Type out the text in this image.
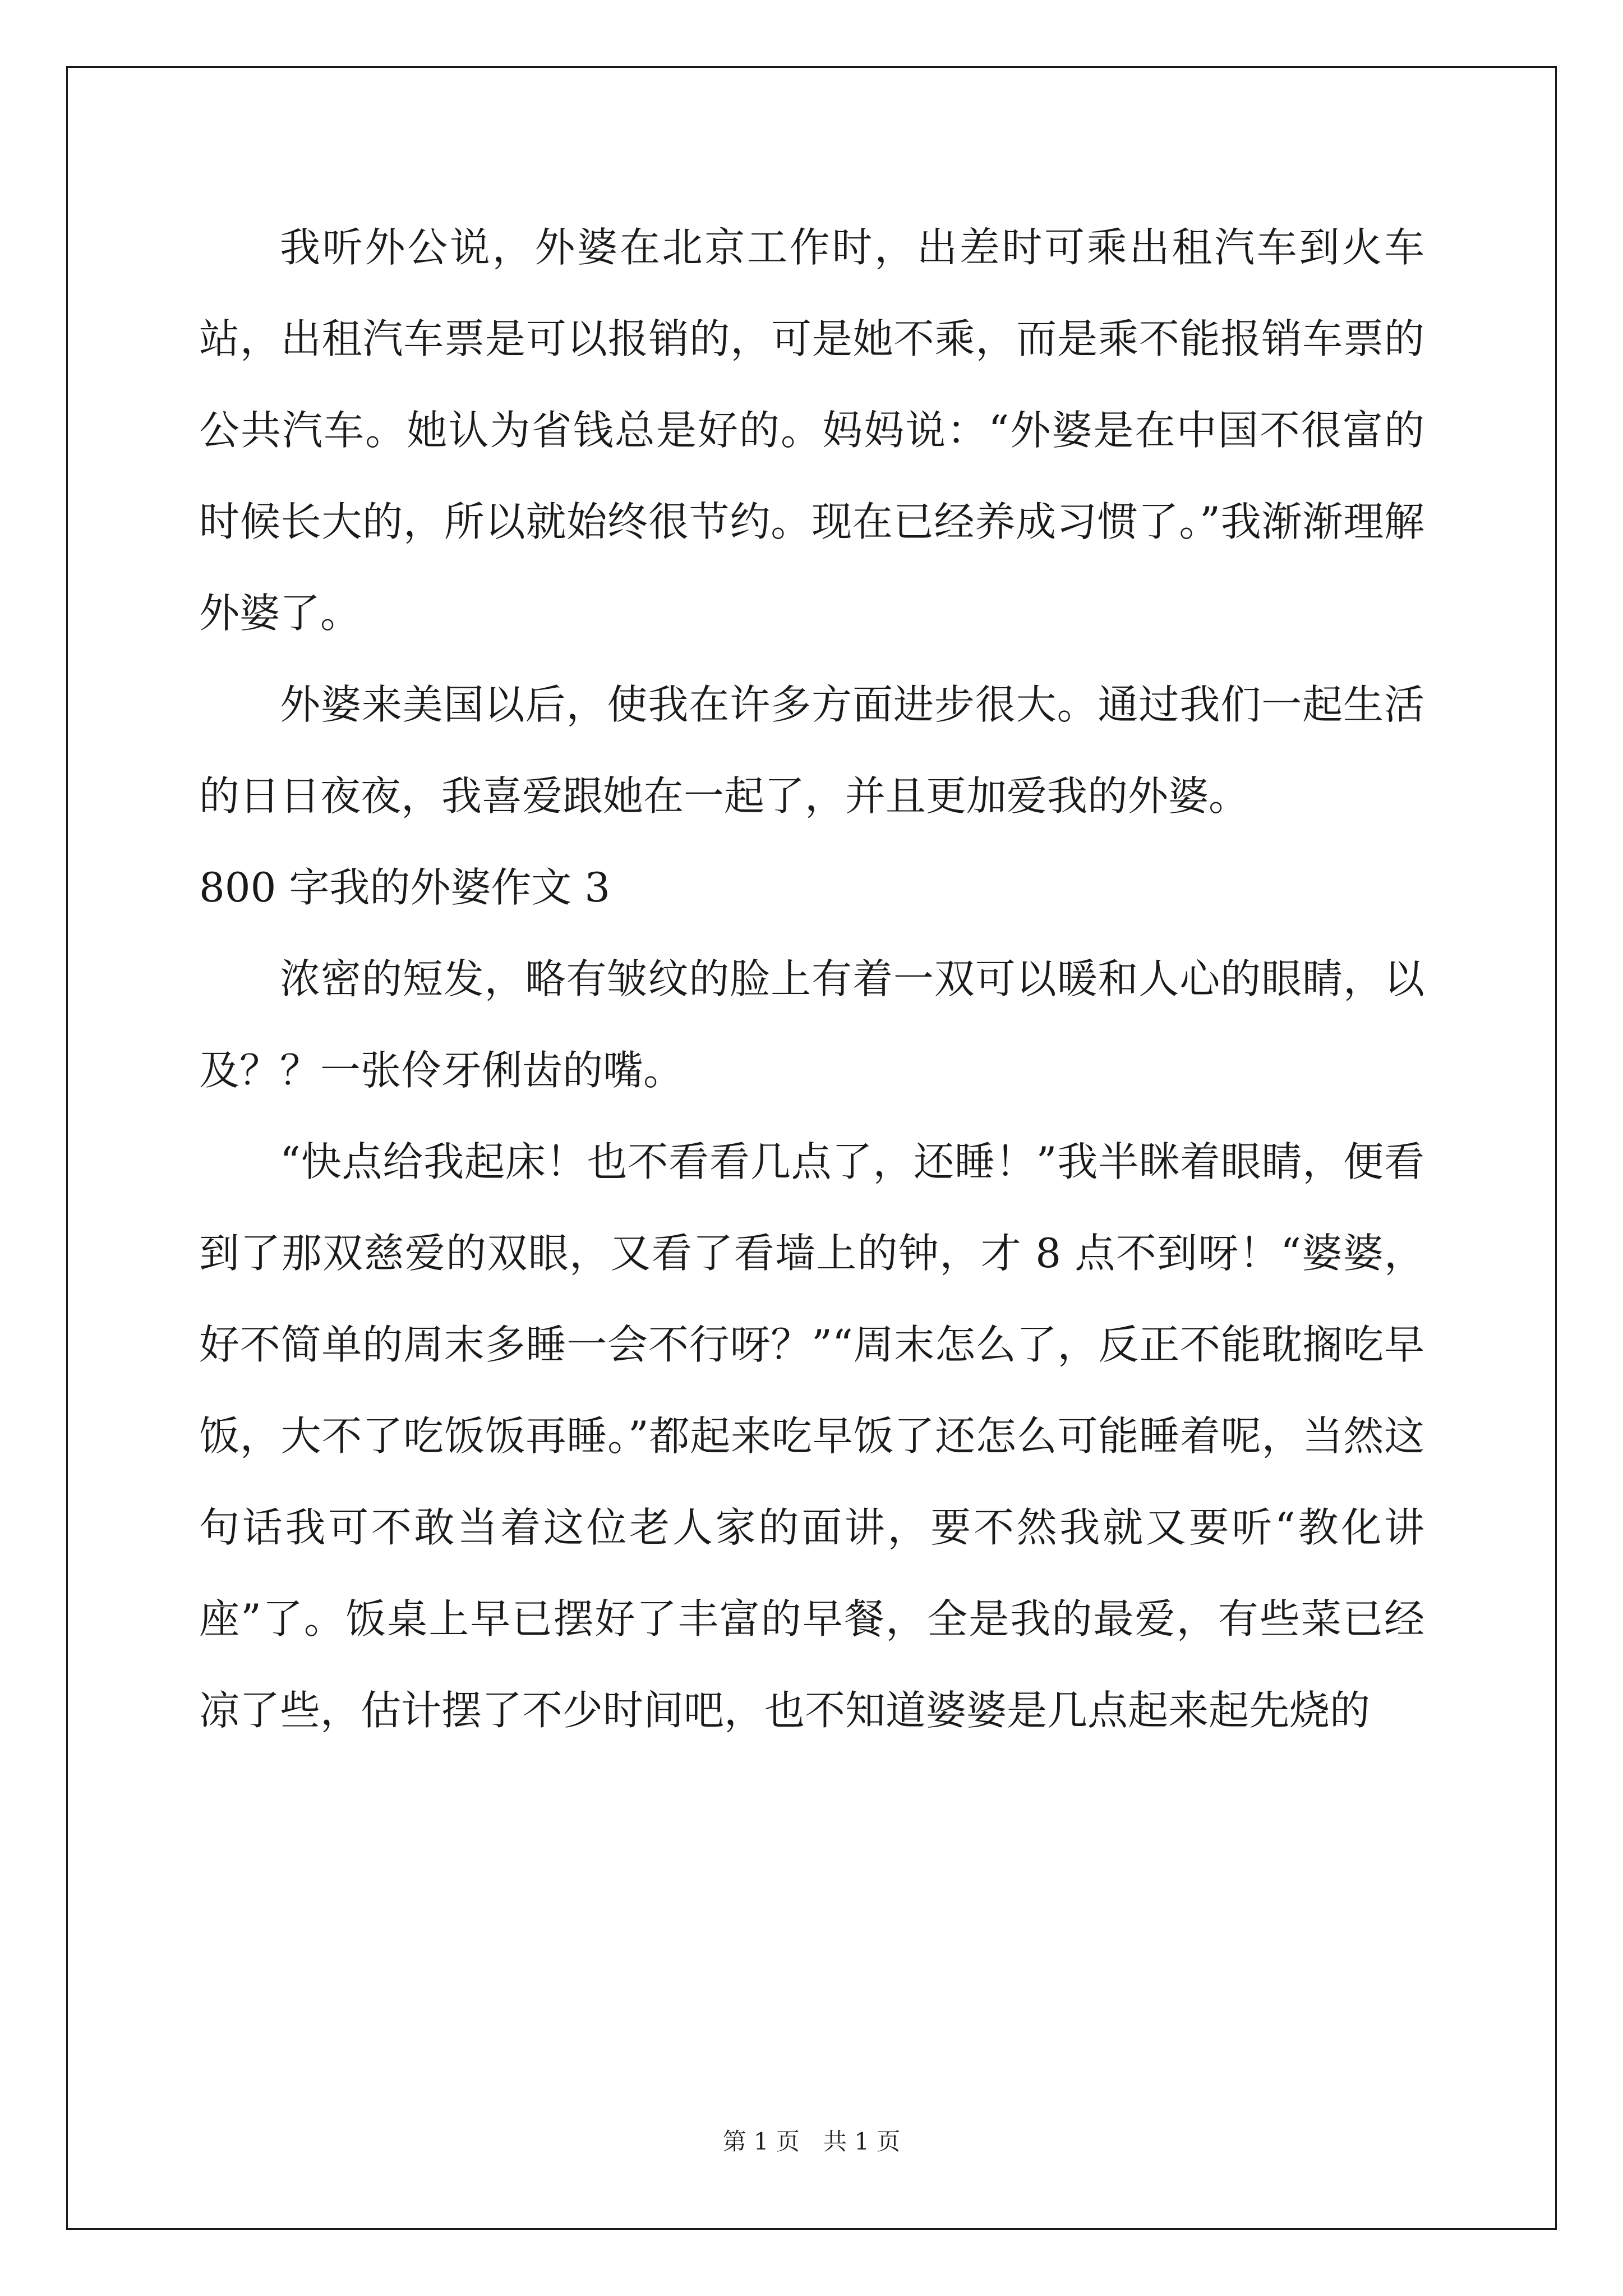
我听外公说，外婆在北京工作时，出差时可乘出租汽车到火车站，出租汽车票是可以报销的，可是她不乘，而是乘不能报销车票的公共汽车。她认为省钱总是好的。妈妈说：“外婆是在中国不很富的时候长大的，所以就始终很节约。现在已经养成习惯了。”我渐渐理解外婆了。

外婆来美国以后，使我在许多方面进步很大。通过我们一起生活的日日夜夜，我喜爱跟她在一起了，并且更加爱我的外婆。

800 字我的外婆作文 3

浓密的短发，略有皱纹的脸上有着一双可以暖和人心的眼睛，以及？？一张伶牙俐齿的嘴。

“快点给我起床！也不看看几点了，还睡！”我半眯着眼睛，便看到了那双慈爱的双眼，又看了看墙上的钟，才 8 点不到呀！“婆婆，好不简单的周末多睡一会不行呀？”“周末怎么了，反正不能耽搁吃早饭，大不了吃饭饭再睡。”都起来吃早饭了还怎么可能睡着呢，当然这句话我可不敢当着这位老人家的面讲，要不然我就又要听“教化讲座”了。饭桌上早已摆好了丰富的早餐，全是我的最爱，有些菜已经凉了些，估计摆了不少时间吧，也不知道婆婆是几点起来起先烧的

第 1 页　共 1 页
